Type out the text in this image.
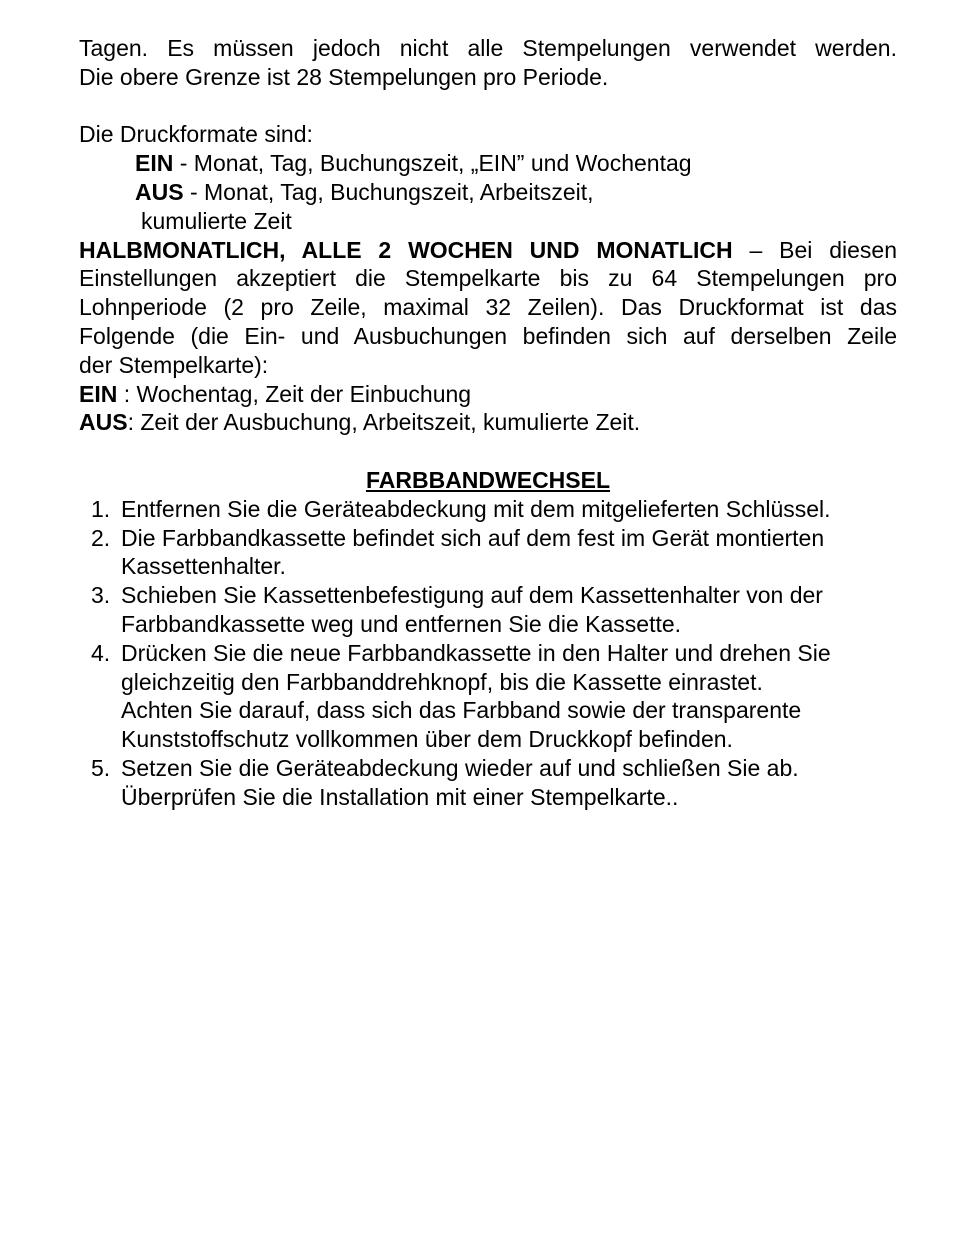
Tagen. Es müssen jedoch nicht alle Stempelungen verwendet werden.

Die obere Grenze ist 28 Stempelungen pro Periode.

Die Druckformate sind:

EIN - Monat, Tag, Buchungszeit, „EIN” und Wochentag

AUS - Monat, Tag, Buchungszeit, Arbeitszeit,

kumulierte Zeit

HALBMONATLICH, ALLE 2 WOCHEN UND MONATLICH – Bei diesen

Einstellungen akzeptiert die Stempelkarte bis zu 64 Stempelungen pro

Lohnperiode (2 pro Zeile, maximal 32 Zeilen). Das Druckformat ist das

Folgende (die Ein- und Ausbuchungen befinden sich auf derselben Zeile

der Stempelkarte):

EIN : Wochentag, Zeit der Einbuchung

AUS: Zeit der Ausbuchung, Arbeitszeit, kumulierte Zeit.

FARBBANDWECHSEL

1. Entfernen Sie die Geräteabdeckung mit dem mitgelieferten Schlüssel.
2. Die Farbbandkassette befindet sich auf dem fest im Gerät montierten
Kassettenhalter.
3. Schieben Sie Kassettenbefestigung auf dem Kassettenhalter von der
Farbbandkassette weg und entfernen Sie die Kassette.
4. Drücken Sie die neue Farbbandkassette in den Halter und drehen Sie
gleichzeitig den Farbbanddrehknopf, bis die Kassette einrastet.
Achten Sie darauf, dass sich das Farbband sowie der transparente
Kunststoffschutz vollkommen über dem Druckkopf befinden.
5. Setzen Sie die Geräteabdeckung wieder auf und schließen Sie ab.
Überprüfen Sie die Installation mit einer Stempelkarte..
